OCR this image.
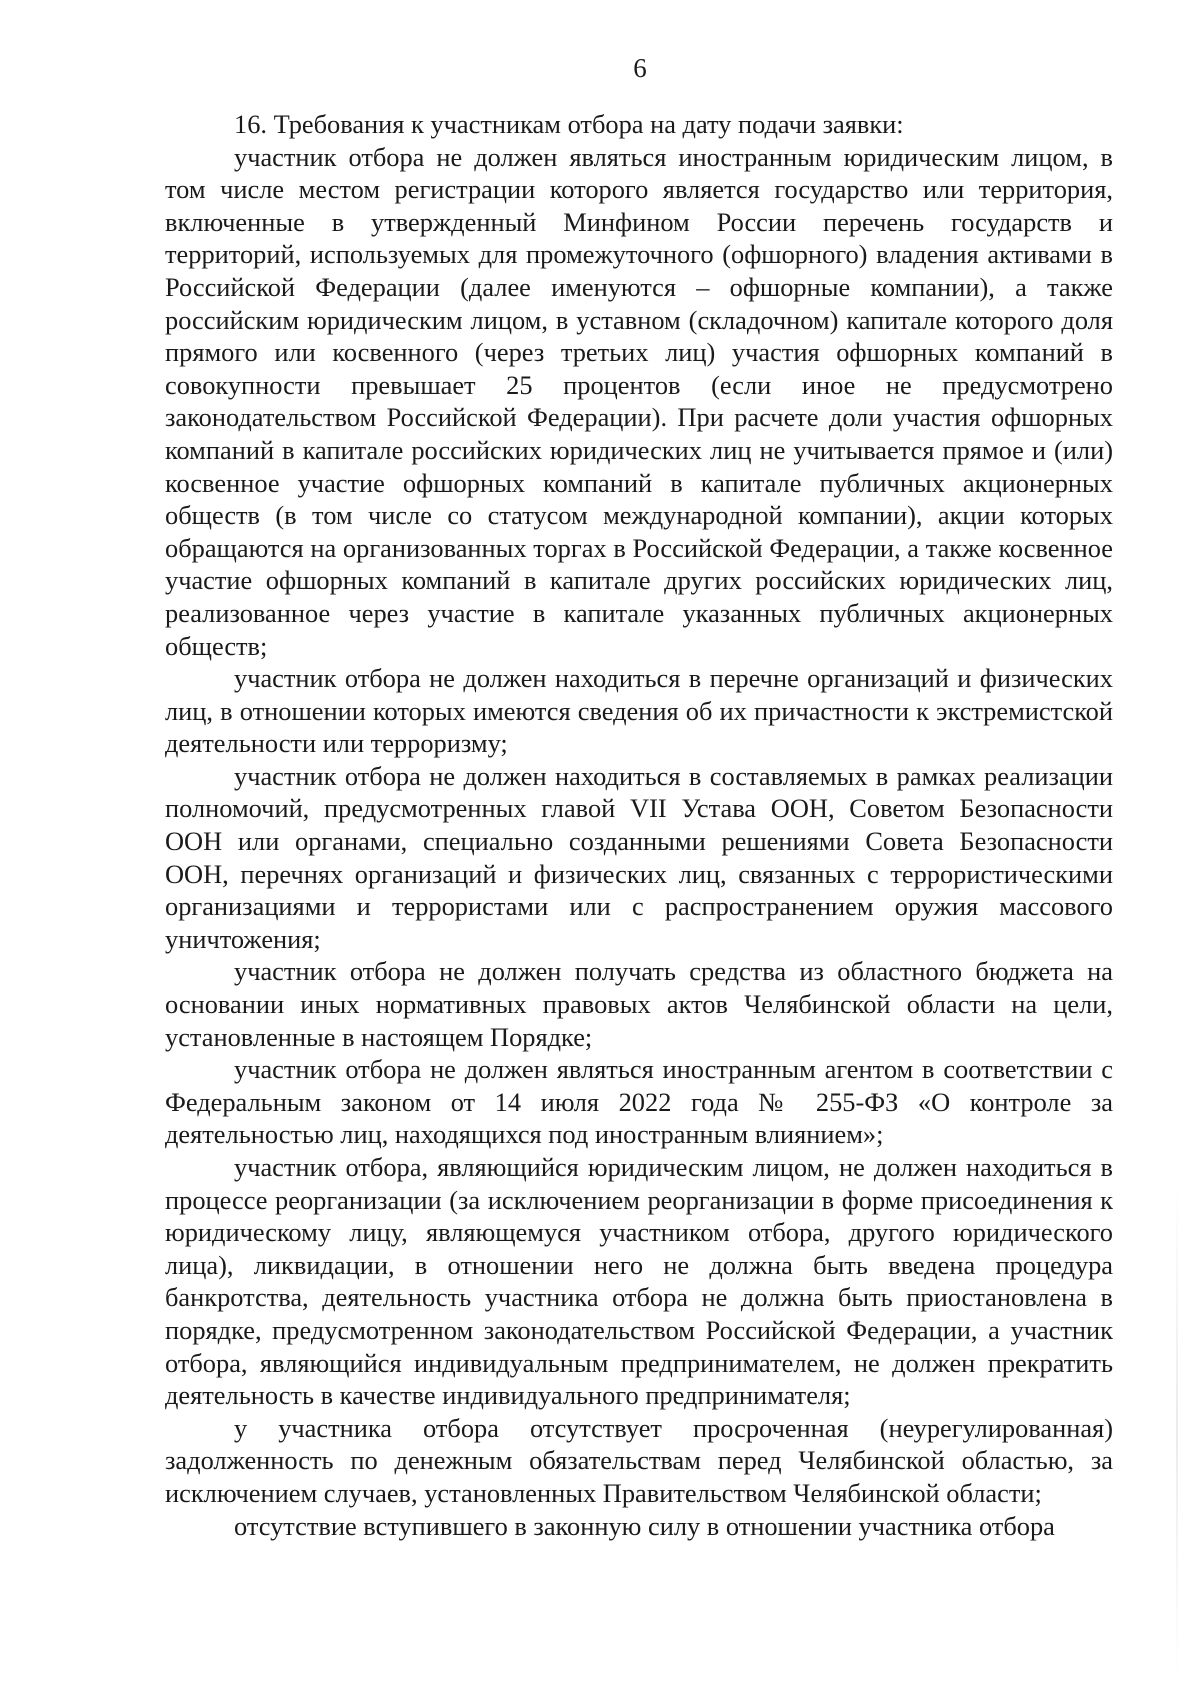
6

16. Требования к участникам отбора на дату подачи заявки:

участник отбора не должен являться иностранным юридическим лицом, в том числе местом регистрации которого является государство или территория, включенные в утвержденный Минфином России перечень государств и территорий, используемых для промежуточного (офшорного) владения активами в Российской Федерации (далее именуются – офшорные компании), а также российским юридическим лицом, в уставном (складочном) капитале которого доля прямого или косвенного (через третьих лиц) участия офшорных компаний в совокупности превышает 25 процентов (если иное не предусмотрено законодательством Российской Федерации). При расчете доли участия офшорных компаний в капитале российских юридических лиц не учитывается прямое и (или) косвенное участие офшорных компаний в капитале публичных акционерных обществ (в том числе со статусом международной компании), акции которых обращаются на организованных торгах в Российской Федерации, а также косвенное участие офшорных компаний в капитале других российских юридических лиц, реализованное через участие в капитале указанных публичных акционерных обществ;

участник отбора не должен находиться в перечне организаций и физических лиц, в отношении которых имеются сведения об их причастности к экстремистской деятельности или терроризму;

участник отбора не должен находиться в составляемых в рамках реализации полномочий, предусмотренных главой VII Устава ООН, Советом Безопасности ООН или органами, специально созданными решениями Совета Безопасности ООН, перечнях организаций и физических лиц, связанных с террористическими организациями и террористами или с распространением оружия массового уничтожения;

участник отбора не должен получать средства из областного бюджета на основании иных нормативных правовых актов Челябинской области на цели, установленные в настоящем Порядке;

участник отбора не должен являться иностранным агентом в соответствии с Федеральным законом от 14 июля 2022 года № 255-ФЗ «О контроле за деятельностью лиц, находящихся под иностранным влиянием»;

участник отбора, являющийся юридическим лицом, не должен находиться в процессе реорганизации (за исключением реорганизации в форме присоединения к юридическому лицу, являющемуся участником отбора, другого юридического лица), ликвидации, в отношении него не должна быть введена процедура банкротства, деятельность участника отбора не должна быть приостановлена в порядке, предусмотренном законодательством Российской Федерации, а участник отбора, являющийся индивидуальным предпринимателем, не должен прекратить деятельность в качестве индивидуального предпринимателя;

у участника отбора отсутствует просроченная (неурегулированная) задолженность по денежным обязательствам перед Челябинской областью, за исключением случаев, установленных Правительством Челябинской области;

отсутствие вступившего в законную силу в отношении участника отбора
